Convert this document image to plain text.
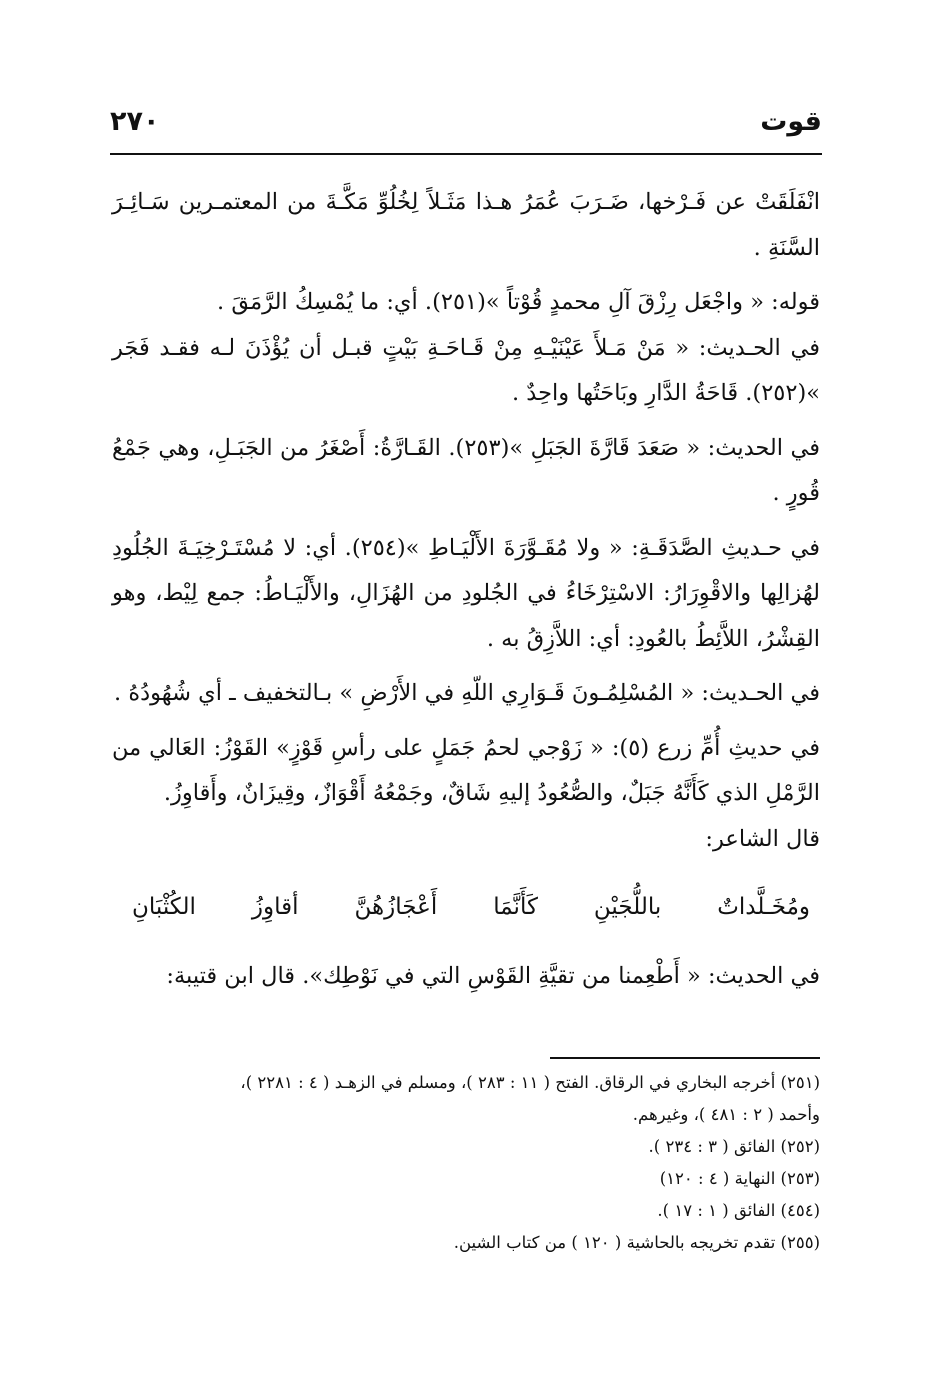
قوت
٢٧٠

انْفَلَقَتْ عن فَـرْخها، ضَـرَبَ عُمَرُ هـذا مَثَـلاً لِخُلُوِّ مَكَّـةَ من المعتمـرين سَـائِـرَ السَّنَةِ .

قوله: « واجْعَل رِزْقَ آلِ محمدٍ قُوْتاً »(٢٥١). أي: ما يُمْسِكُ الرَّمَقَ .

في الحـديث: « مَنْ مَـلأَ عَيْنَيْـهِ مِنْ قَـاحَـةِ بَيْتٍ قبـل أن يُؤْذَنَ لـه فقـد فَجَر »(٢٥٢). قَاحَةُ الدَّارِ وبَاحَتُها واحِدٌ .

في الحديث: « صَعَدَ قَارَّةَ الجَبَلِ »(٢٥٣). القَـارَّةُ: أَصْغَرُ من الجَبَـلِ، وهي جَمْعُ قُورٍ .

في حـديثِ الصَّدَقَـةِ: « ولا مُقَـوَّرَةَ الأَلْيَـاطِ »(٢٥٤). أي: لا مُسْتَـرْخِيَـةَ الجُلُودِ لهُزالِها والاقْوِرَارُ: الاسْتِرْخَاءُ في الجُلودِ من الهُزَالِ، والأَلْيَـاطُ: جمع لِيْط، وهو القِشْرُ، اللاَّئِطُ بالعُودِ: أي: اللاَّزِقُ به .

في الحـديث: « المُسْلِمُـونَ قَـوَارِي اللّهِ في الأَرْضِ » بـالتخفيف ـ أي شُهُودُهُ .

في حديثِ أُمِّ زرع (٥): « زَوْجي لحمُ جَمَلٍ على رأسِ قَوْزٍ» القَوْزُ: العَالي من الرَّمْلِ الذي كَأَنَّهُ جَبَلٌ، والصُّعُودُ إليهِ شَاقٌ، وجَمْعُهُ أَقْوَازٌ، وقِيزَانٌ، وأَقاوِزُ.

قال الشاعر:

ومُخَـلَّداتٌ
باللُّجَيْنِ
كَأَنَّمَا
أَعْجَازُهُنَّ
أقاوِزُ
الكُثْبَانِ

في الحديث: « أَطْعِمنا من تقيَّةِ القَوْسِ التي في نَوْطِك». قال ابن قتيبة:

(٢٥١) أخرجه البخاري في الرقاق. الفتح ( ١١ : ٢٨٣ )، ومسلم في الزهـد ( ٤ : ٢٢٨١ )،

وأحمد ( ٢ : ٤٨١ )، وغيرهم.

(٢٥٢) الفائق ( ٣ : ٢٣٤ ).

(٢٥٣) النهاية ( ٤ : ١٢٠)

(٤٥٤) الفائق ( ١ : ١٧ ).

(٢٥٥) تقدم تخريجه بالحاشية ( ١٢٠ ) من كتاب الشين.
